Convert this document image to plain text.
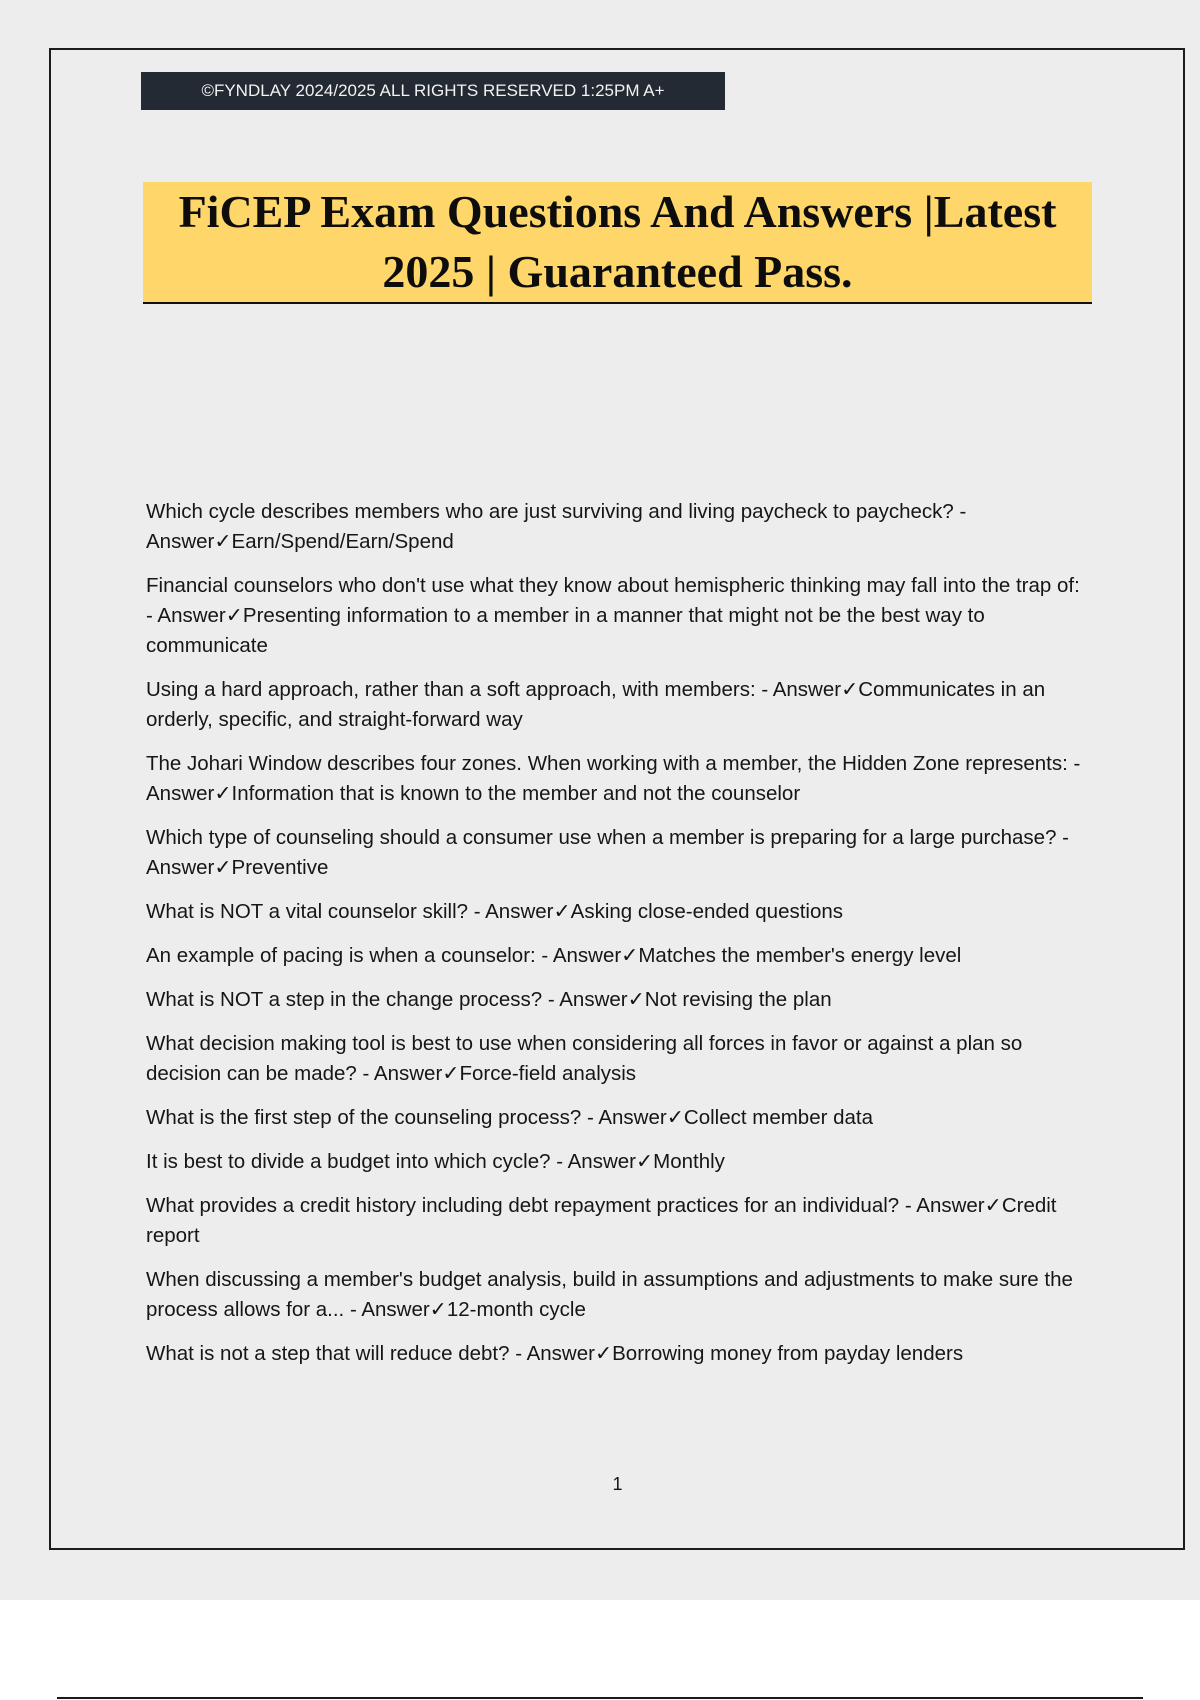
©FYNDLAY 2024/2025 ALL RIGHTS RESERVED 1:25PM A+
FiCEP Exam Questions And Answers |Latest 2025 | Guaranteed Pass.
Which cycle describes members who are just surviving and living paycheck to paycheck? - Answer✓Earn/Spend/Earn/Spend
Financial counselors who don't use what they know about hemispheric thinking may fall into the trap of: - Answer✓Presenting information to a member in a manner that might not be the best way to communicate
Using a hard approach, rather than a soft approach, with members: - Answer✓Communicates in an orderly, specific, and straight-forward way
The Johari Window describes four zones. When working with a member, the Hidden Zone represents: - Answer✓Information that is known to the member and not the counselor
Which type of counseling should a consumer use when a member is preparing for a large purchase? - Answer✓Preventive
What is NOT a vital counselor skill? - Answer✓Asking close-ended questions
An example of pacing is when a counselor: - Answer✓Matches the member's energy level
What is NOT a step in the change process? - Answer✓Not revising the plan
What decision making tool is best to use when considering all forces in favor or against a plan so decision can be made? - Answer✓Force-field analysis
What is the first step of the counseling process? - Answer✓Collect member data
It is best to divide a budget into which cycle? - Answer✓Monthly
What provides a credit history including debt repayment practices for an individual? - Answer✓Credit report
When discussing a member's budget analysis, build in assumptions and adjustments to make sure the process allows for a... - Answer✓12-month cycle
What is not a step that will reduce debt? - Answer✓Borrowing money from payday lenders
1
